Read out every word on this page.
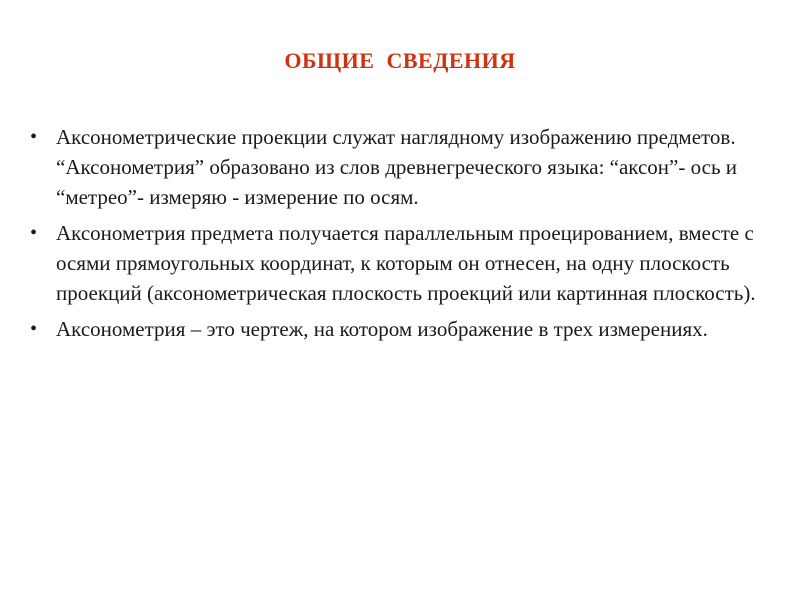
ОБЩИЕ СВЕДЕНИЯ
• Аксонометрические проекции служат наглядному изображению предметов. “Аксонометрия” образовано из слов древнегреческого языка: “аксон”- ось и “метрео”- измеряю - измерение по осям.
• Аксонометрия предмета получается параллельным проецированием, вместе с осями прямоугольных координат, к которым он отнесен, на одну плоскость проекций (аксонометрическая плоскость проекций или картинная плоскость).
• Аксонометрия – это чертеж, на котором изображение в трех измерениях.
